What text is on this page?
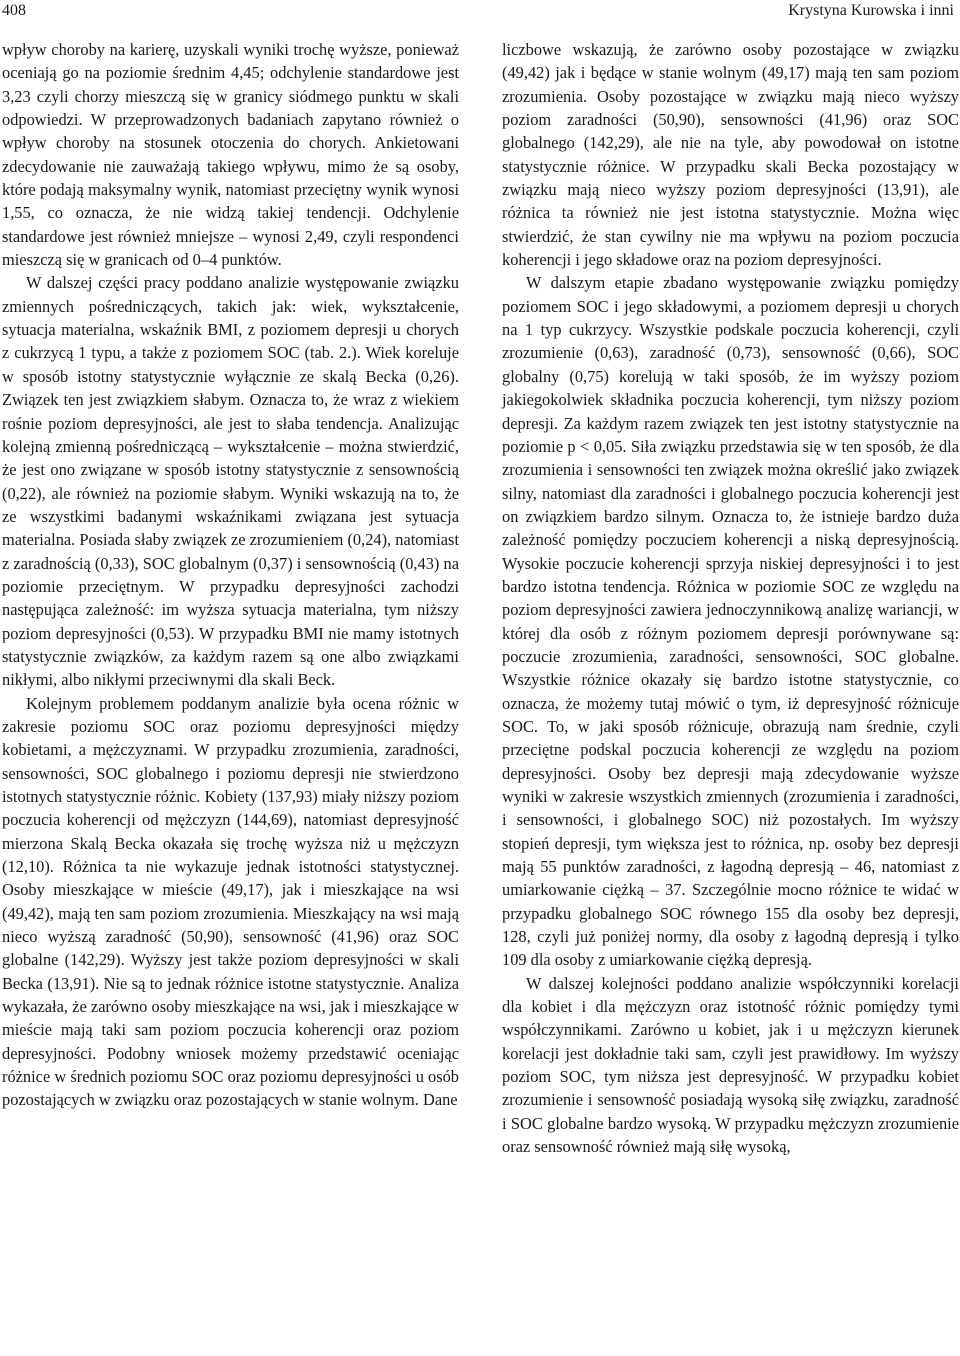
408	Krystyna Kurowska i inni

wpływ choroby na karierę, uzyskali wyniki trochę wyższe, ponieważ oceniają go na poziomie średnim 4,45; odchylenie standardowe jest 3,23 czyli chorzy mieszczą się w granicy siódmego punktu w skali odpowiedzi. W przeprowadzonych badaniach zapytano również o wpływ choroby na stosunek otoczenia do chorych. Ankietowani zdecydowanie nie zauważają takiego wpływu, mimo że są osoby, które podają maksymalny wynik, natomiast przeciętny wynik wynosi 1,55, co oznacza, że nie widzą takiej tendencji. Odchylenie standardowe jest również mniejsze – wynosi 2,49, czyli respondenci mieszczą się w granicach od 0–4 punktów.

W dalszej części pracy poddano analizie występowanie związku zmiennych pośredniczących, takich jak: wiek, wykształcenie, sytuacja materialna, wskaźnik BMI, z poziomem depresji u chorych z cukrzycą 1 typu, a także z poziomem SOC (tab. 2.). Wiek koreluje w sposób istotny statystycznie wyłącznie ze skalą Becka (0,26). Związek ten jest związkiem słabym. Oznacza to, że wraz z wiekiem rośnie poziom depresyjności, ale jest to słaba tendencja. Analizując kolejną zmienną pośredniczącą – wykształcenie – można stwierdzić, że jest ono związane w sposób istotny statystycznie z sensownością (0,22), ale również na poziomie słabym. Wyniki wskazują na to, że ze wszystkimi badanymi wskaźnikami związana jest sytuacja materialna. Posiada słaby związek ze zrozumieniem (0,24), natomiast z zaradnością (0,33), SOC globalnym (0,37) i sensownością (0,43) na poziomie przeciętnym. W przypadku depresyjności zachodzi następująca zależność: im wyższa sytuacja materialna, tym niższy poziom depresyjności (0,53). W przypadku BMI nie mamy istotnych statystycznie związków, za każdym razem są one albo związkami nikłymi, albo nikłymi przeciwnymi dla skali Beck.

Kolejnym problemem poddanym analizie była ocena różnic w zakresie poziomu SOC oraz poziomu depresyjności między kobietami, a mężczyznami. W przypadku zrozumienia, zaradności, sensowności, SOC globalnego i poziomu depresji nie stwierdzono istotnych statystycznie różnic. Kobiety (137,93) miały niższy poziom poczucia koherencji od mężczyzn (144,69), natomiast depresyjność mierzona Skalą Becka okazała się trochę wyższa niż u mężczyzn (12,10). Różnica ta nie wykazuje jednak istotności statystycznej. Osoby mieszkające w mieście (49,17), jak i mieszkające na wsi (49,42), mają ten sam poziom zrozumienia. Mieszkający na wsi mają nieco wyższą zaradność (50,90), sensowność (41,96) oraz SOC globalne (142,29). Wyższy jest także poziom depresyjności w skali Becka (13,91). Nie są to jednak różnice istotne statystycznie. Analiza wykazała, że zarówno osoby mieszkające na wsi, jak i mieszkające w mieście mają taki sam poziom poczucia koherencji oraz poziom depresyjności. Podobny wniosek możemy przedstawić oceniając różnice w średnich poziomu SOC oraz poziomu depresyjności u osób pozostających w związku oraz pozostających w stanie wolnym. Dane

liczbowe wskazują, że zarówno osoby pozostające w związku (49,42) jak i będące w stanie wolnym (49,17) mają ten sam poziom zrozumienia. Osoby pozostające w związku mają nieco wyższy poziom zaradności (50,90), sensowności (41,96) oraz SOC globalnego (142,29), ale nie na tyle, aby powodował on istotne statystycznie różnice. W przypadku skali Becka pozostający w związku mają nieco wyższy poziom depresyjności (13,91), ale różnica ta również nie jest istotna statystycznie. Można więc stwierdzić, że stan cywilny nie ma wpływu na poziom poczucia koherencji i jego składowe oraz na poziom depresyjności.

W dalszym etapie zbadano występowanie związku pomiędzy poziomem SOC i jego składowymi, a poziomem depresji u chorych na 1 typ cukrzycy. Wszystkie podskale poczucia koherencji, czyli zrozumienie (0,63), zaradność (0,73), sensowność (0,66), SOC globalny (0,75) korelują w taki sposób, że im wyższy poziom jakiegokolwiek składnika poczucia koherencji, tym niższy poziom depresji. Za każdym razem związek ten jest istotny statystycznie na poziomie p < 0,05. Siła związku przedstawia się w ten sposób, że dla zrozumienia i sensowności ten związek można określić jako związek silny, natomiast dla zaradności i globalnego poczucia koherencji jest on związkiem bardzo silnym. Oznacza to, że istnieje bardzo duża zależność pomiędzy poczuciem koherencji a niską depresyjnością. Wysokie poczucie koherencji sprzyja niskiej depresyjności i to jest bardzo istotna tendencja. Różnica w poziomie SOC ze względu na poziom depresyjności zawiera jednoczynnikową analizę wariancji, w której dla osób z różnym poziomem depresji porównywane są: poczucie zrozumienia, zaradności, sensowności, SOC globalne. Wszystkie różnice okazały się bardzo istotne statystycznie, co oznacza, że możemy tutaj mówić o tym, iż depresyjność różnicuje SOC. To, w jaki sposób różnicuje, obrazują nam średnie, czyli przeciętne podskal poczucia koherencji ze względu na poziom depresyjności. Osoby bez depresji mają zdecydowanie wyższe wyniki w zakresie wszystkich zmiennych (zrozumienia i zaradności, i sensowności, i globalnego SOC) niż pozostałych. Im wyższy stopień depresji, tym większa jest to różnica, np. osoby bez depresji mają 55 punktów zaradności, z łagodną depresją – 46, natomiast z umiarkowanie ciężką – 37. Szczególnie mocno różnice te widać w przypadku globalnego SOC równego 155 dla osoby bez depresji, 128, czyli już poniżej normy, dla osoby z łagodną depresją i tylko 109 dla osoby z umiarkowanie ciężką depresją.

W dalszej kolejności poddano analizie współczynniki korelacji dla kobiet i dla mężczyzn oraz istotność różnic pomiędzy tymi współczynnikami. Zarówno u kobiet, jak i u mężczyzn kierunek korelacji jest dokładnie taki sam, czyli jest prawidłowy. Im wyższy poziom SOC, tym niższa jest depresyjność. W przypadku kobiet zrozumienie i sensowność posiadają wysoką siłę związku, zaradność i SOC globalne bardzo wysoką. W przypadku mężczyzn zrozumienie oraz sensowność również mają siłę wysoką,
